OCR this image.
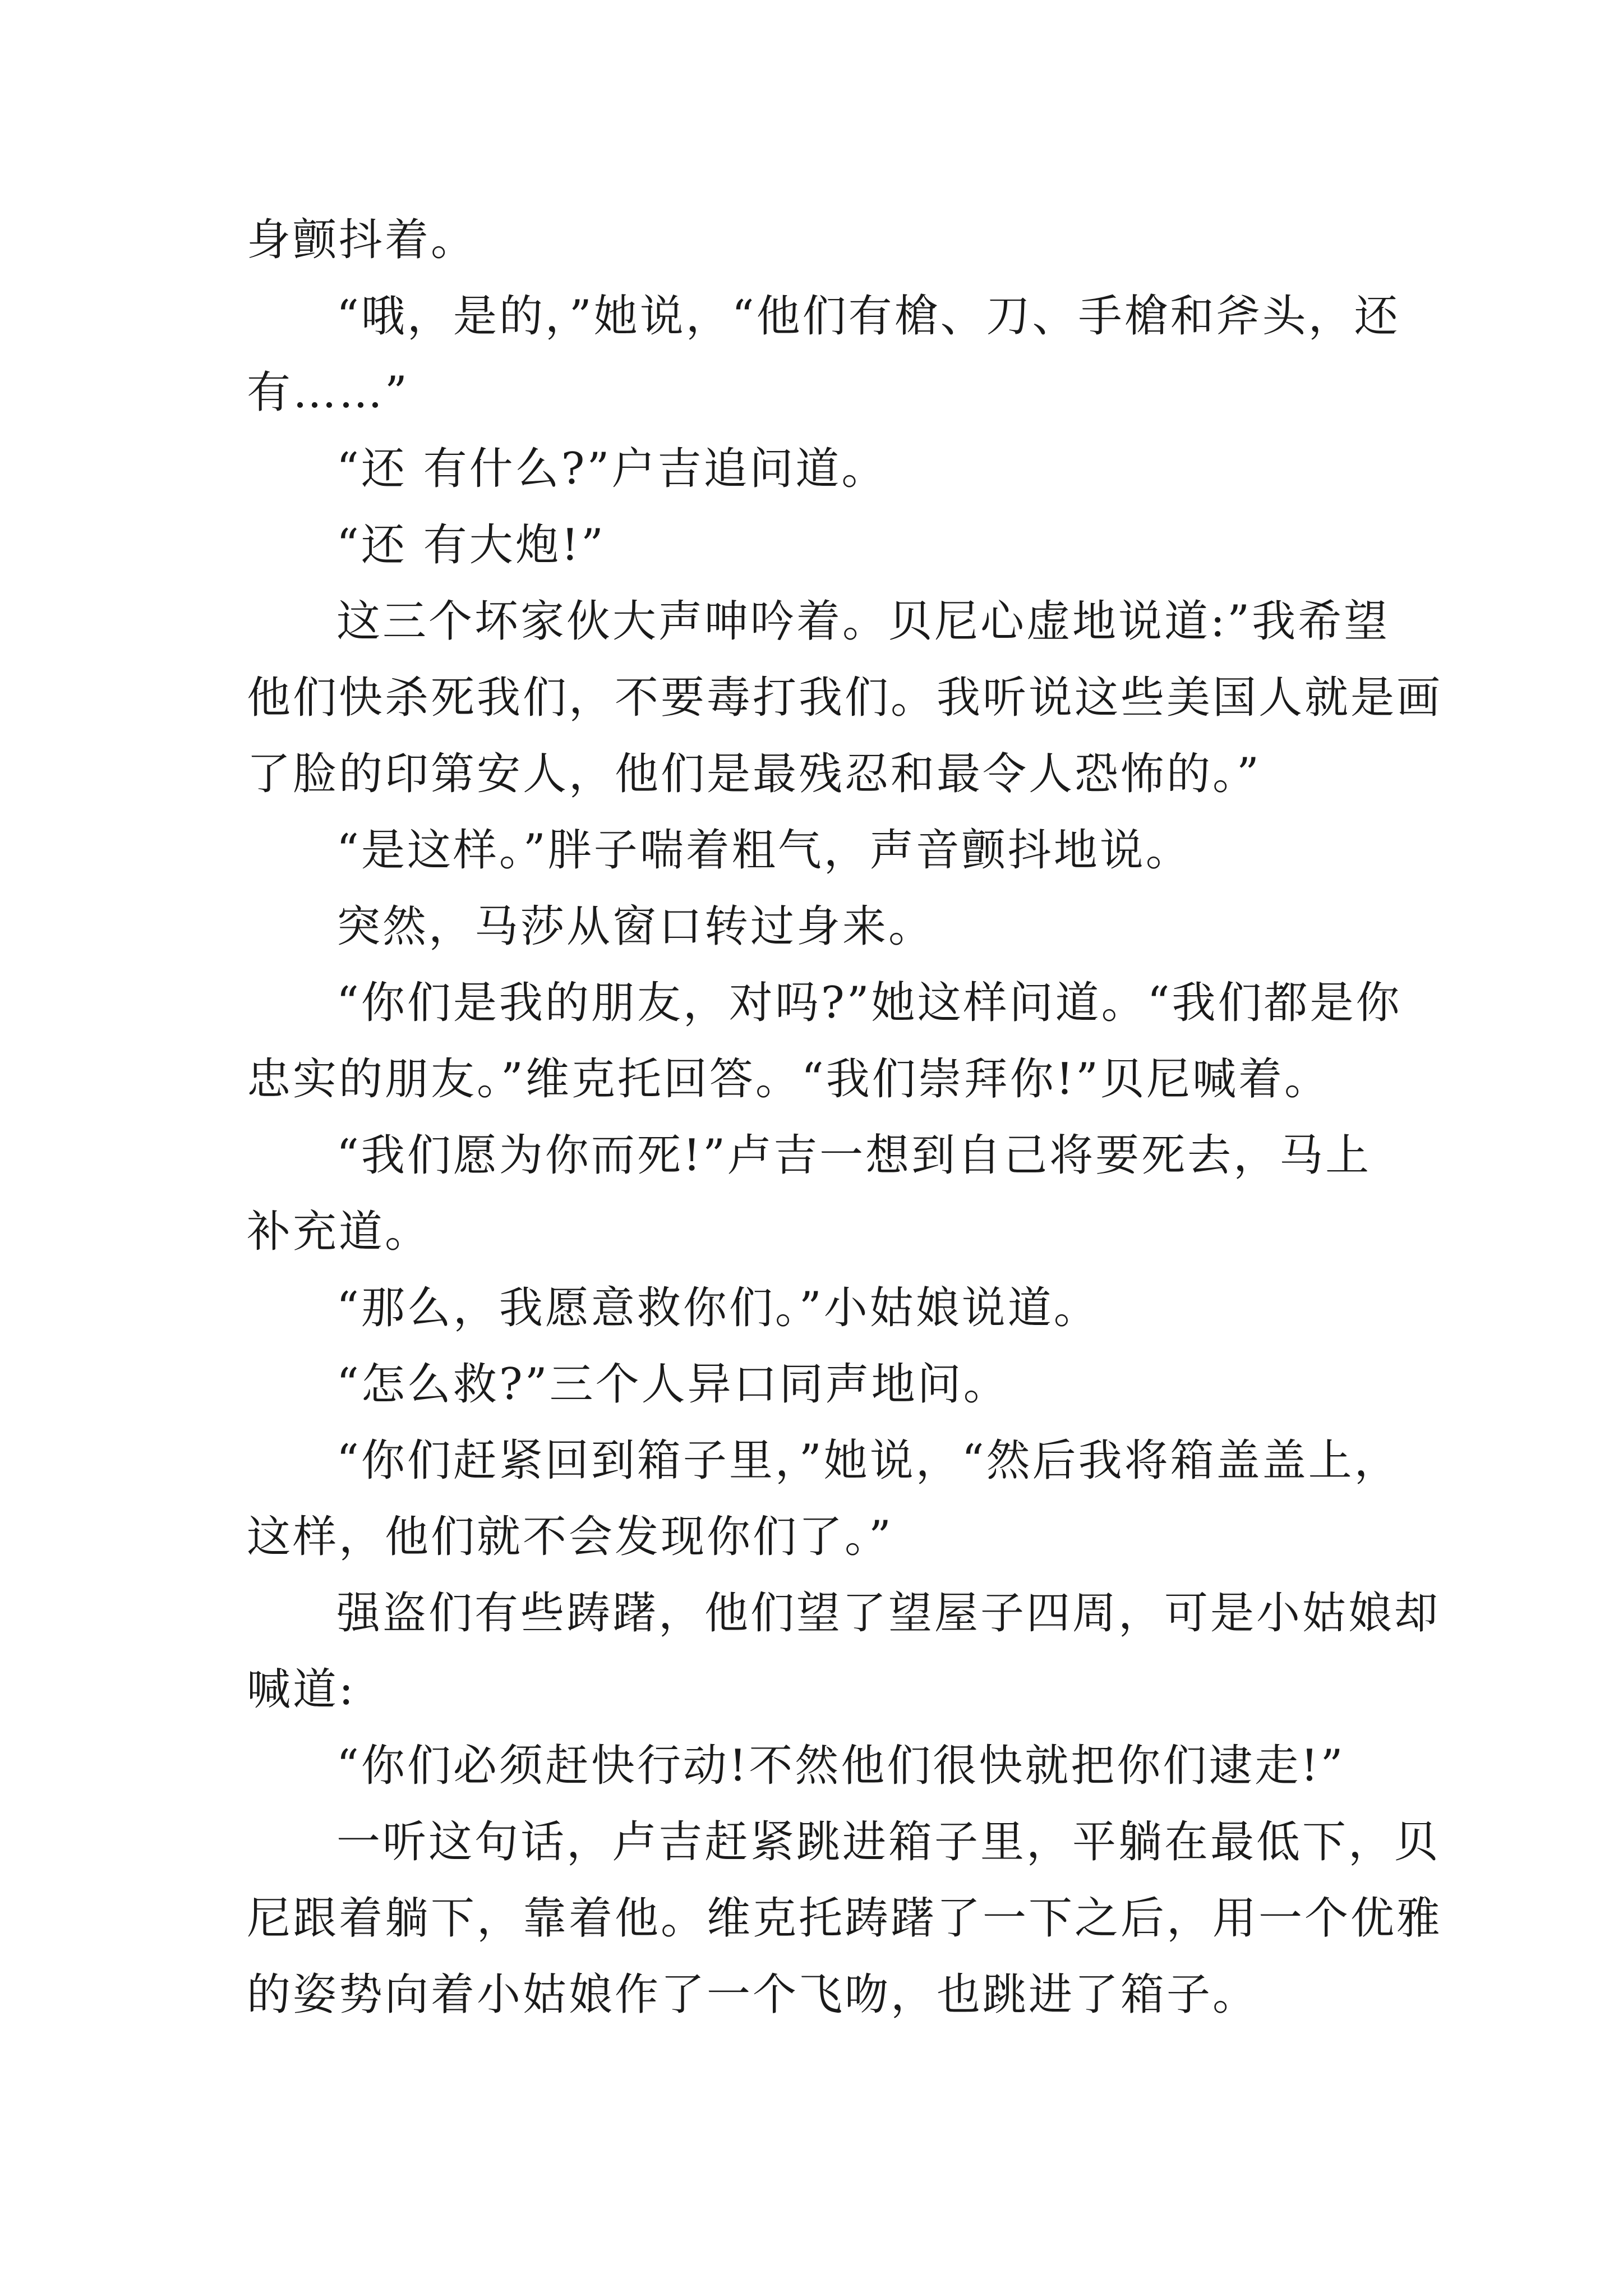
身颤抖着。

“哦，是的，”她说，“他们有槍、刀、手槍和斧头，还

有……”

“还 有什么?”户吉追问道。

“还 有大炮!”

这三个坏家伙大声呻吟着。贝尼心虚地说道:”我希望

他们快杀死我们，不要毒打我们。我听说这些美国人就是画

了脸的印第安人，他们是最残忍和最令人恐怖的。”

“是这样。”胖子喘着粗气，声音颤抖地说。

突然，马莎从窗口转过身来。

“你们是我的朋友，对吗?”她这样问道。“我们都是你

忠实的朋友。”维克托回答。“我们崇拜你!”贝尼喊着。

“我们愿为你而死!”卢吉一想到自己将要死去，马上

补充道。

“那么，我愿意救你们。”小姑娘说道。

“怎么救?”三个人异口同声地问。

“你们赶紧回到箱子里，”她说，“然后我将箱盖盖上，

这样，他们就不会发现你们了。”

强盗们有些踌躇，他们望了望屋子四周，可是小姑娘却

喊道:

“你们必须赶快行动!不然他们很快就把你们逮走!”

一听这句话，卢吉赶紧跳进箱子里，平躺在最低下，贝

尼跟着躺下，靠着他。维克托踌躇了一下之后，用一个优雅

的姿势向着小姑娘作了一个飞吻，也跳进了箱子。
